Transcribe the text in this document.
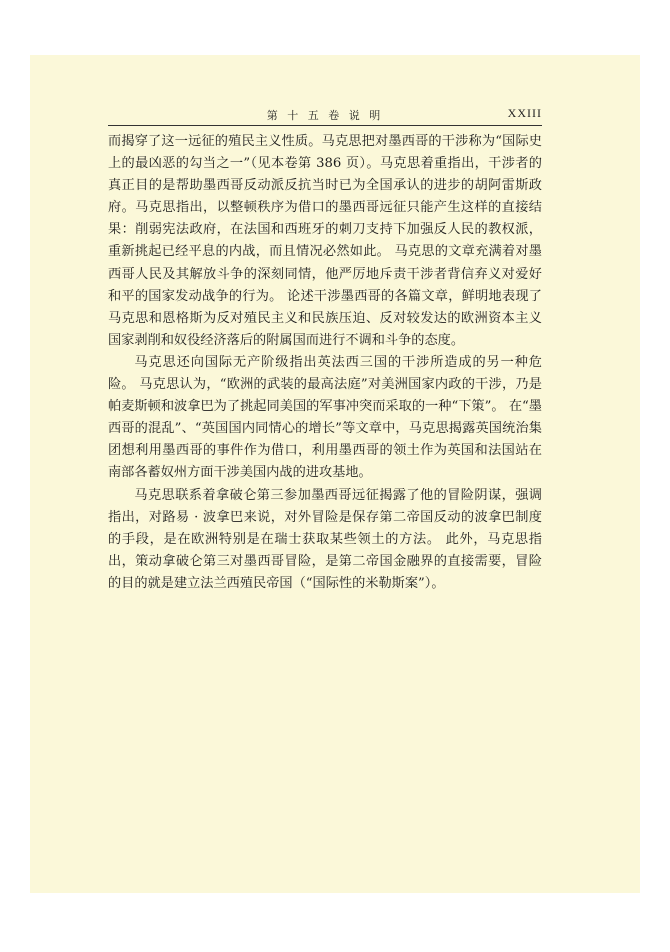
第 十 五 卷 说 明	XXIII

而揭穿了这一远征的殖民主义性质。马克思把对墨西哥的干涉称为“国际史上的最凶恶的勾当之一”（见本卷第 386 页）。马克思着重指出，干涉者的真正目的是帮助墨西哥反动派反抗当时已为全国承认的进步的胡阿雷斯政府。马克思指出，以整顿秩序为借口的墨西哥远征只能产生这样的直接结果：削弱宪法政府，在法国和西班牙的刺刀支持下加强反人民的教权派，重新挑起已经平息的内战，而且情况必然如此。 马克思的文章充满着对墨西哥人民及其解放斗争的深刻同情，他严厉地斥责干涉者背信弃义对爱好和平的国家发动战争的行为。 论述干涉墨西哥的各篇文章，鲜明地表现了马克思和恩格斯为反对殖民主义和民族压迫、反对较发达的欧洲资本主义国家剥削和奴役经济落后的附属国而进行不调和斗争的态度。

马克思还向国际无产阶级指出英法西三国的干涉所造成的另一种危险。 马克思认为，“欧洲的武装的最高法庭”对美洲国家内政的干涉，乃是帕麦斯顿和波拿巴为了挑起同美国的军事冲突而采取的一种“下策”。 在“墨西哥的混乱”、“英国国内同情心的增长”等文章中，马克思揭露英国统治集团想利用墨西哥的事件作为借口，利用墨西哥的领土作为英国和法国站在南部各蓄奴州方面干涉美国内战的进攻基地。

马克思联系着拿破仑第三参加墨西哥远征揭露了他的冒险阴谋，强调指出，对路易 · 波拿巴来说，对外冒险是保存第二帝国反动的波拿巴制度的手段，是在欧洲特别是在瑞士获取某些领土的方法。 此外，马克思指出，策动拿破仑第三对墨西哥冒险，是第二帝国金融界的直接需要，冒险的目的就是建立法兰西殖民帝国（“国际性的米勒斯案”）。
